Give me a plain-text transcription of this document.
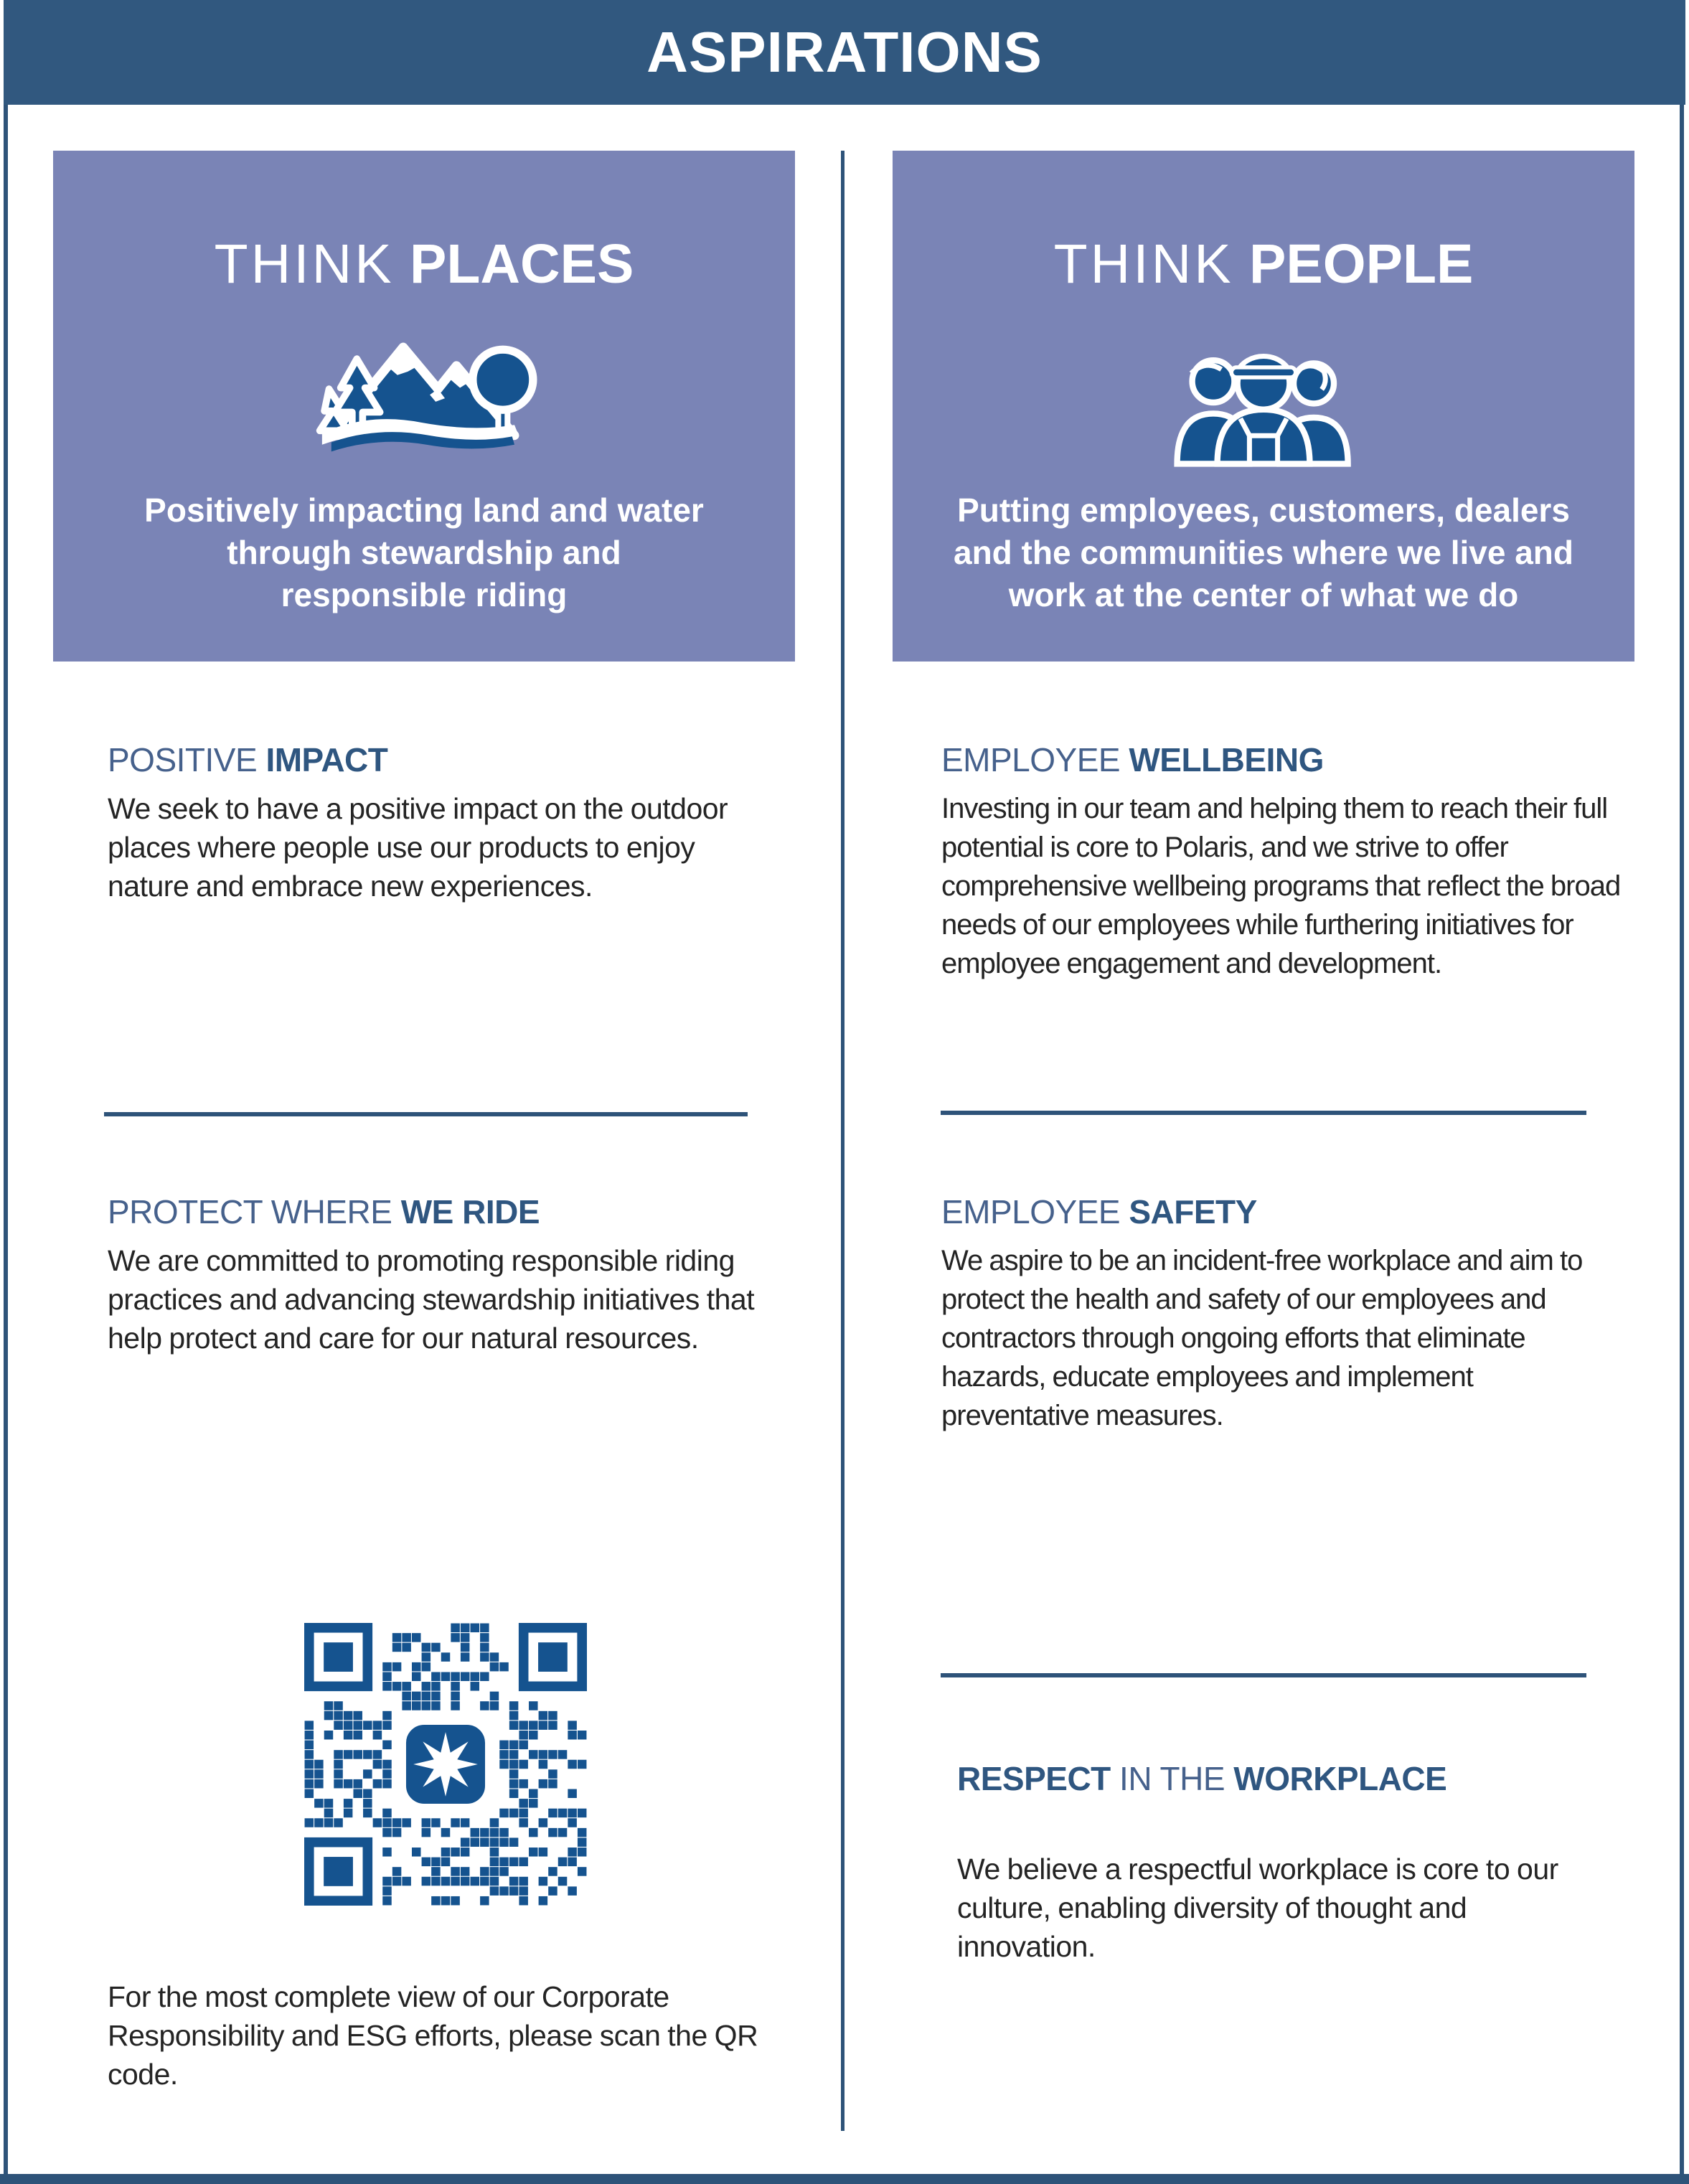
ASPIRATIONS
THINK PLACES

Positively impacting land and water through stewardship and responsible riding

THINK PEOPLE

Putting employees, customers, dealers and the communities where we live and work at the center of what we do

POSITIVE IMPACT

We seek to have a positive impact on the outdoor places where people use our products to enjoy nature and embrace new experiences.

PROTECT WHERE WE RIDE

We are committed to promoting responsible riding practices and advancing stewardship initiatives that help protect and care for our natural resources.

For the most complete view of our Corporate Responsibility and ESG efforts, please scan the QR code.

EMPLOYEE WELLBEING

Investing in our team and helping them to reach their full potential is core to Polaris, and we strive to offer comprehensive wellbeing programs that reflect the broad needs of our employees while furthering initiatives for employee engagement and development.

EMPLOYEE SAFETY

We aspire to be an incident-free workplace and aim to protect the health and safety of our employees and contractors through ongoing efforts that eliminate hazards, educate employees and implement preventative measures.

RESPECT IN THE WORKPLACE

We believe a respectful workplace is core to our culture, enabling diversity of thought and innovation.
